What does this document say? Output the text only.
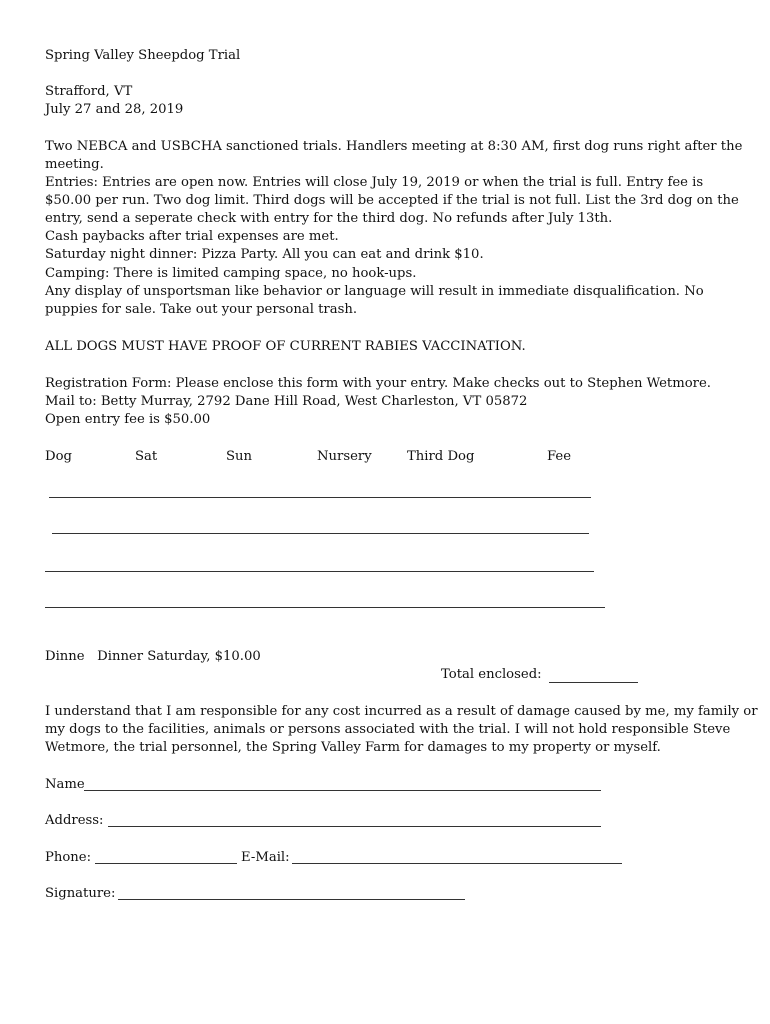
Spring Valley Sheepdog Trial
Strafford, VT
July 27 and 28, 2019
Two NEBCA and USBCHA sanctioned trials. Handlers meeting at 8:30 AM, first dog runs right after the
meeting.
Entries: Entries are open now. Entries will close July 19, 2019 or when the trial is full. Entry fee is
$50.00 per run. Two dog limit. Third dogs will be accepted if the trial is not full. List the 3rd dog on the
entry, send a seperate check with entry for the third dog. No refunds after July 13th.
Cash paybacks after trial expenses are met.
Saturday night dinner: Pizza Party. All you can eat and drink $10.
Camping: There is limited camping space, no hook-ups.
Any display of unsportsman like behavior or language will result in immediate disqualification. No
puppies for sale. Take out your personal trash.
ALL DOGS MUST HAVE PROOF OF CURRENT RABIES VACCINATION.
Registration Form: Please enclose this form with your entry. Make checks out to Stephen Wetmore.
Mail to: Betty Murray, 2792 Dane Hill Road, West Charleston, VT 05872
Open entry fee is $50.00
Dog	Sat	Sun	Nursery	Third Dog	Fee
Dinne   Dinner Saturday, $10.00
Total enclosed:
I understand that I am responsible for any cost incurred as a result of damage caused by me, my family or
my dogs to the facilities, animals or persons associated with the trial. I will not hold responsible Steve
Wetmore, the trial personnel, the Spring Valley Farm for damages to my property or myself.
Name
Address:
Phone:	E-Mail:
Signature:
